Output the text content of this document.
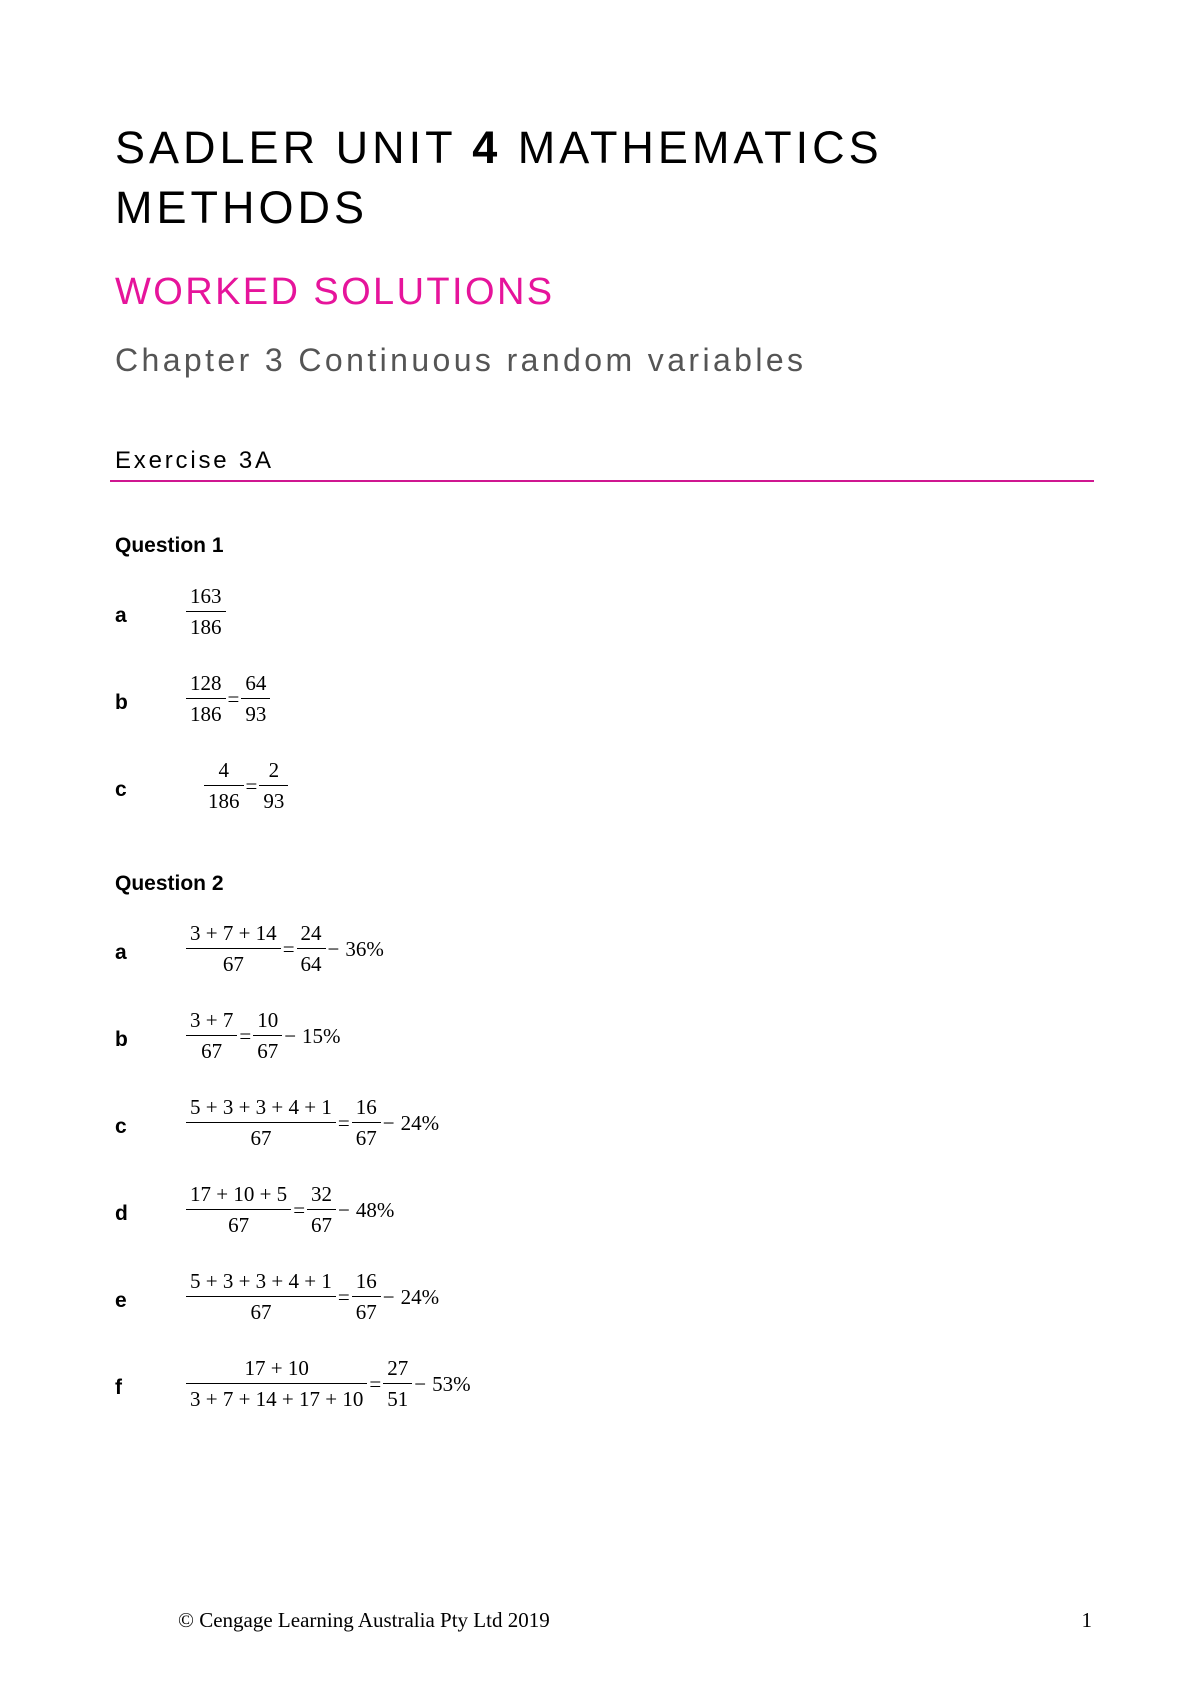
SADLER UNIT 4 MATHEMATICS METHODS
WORKED SOLUTIONS
Chapter 3 Continuous random variables
Exercise 3A
Question 1
a	$\frac{163}{186}$
b	$\frac{128}{186} = \frac{64}{93}$
c	$\frac{4}{186} = \frac{2}{93}$
Question 2
a	$\frac{3 + 7 + 14}{67} = \frac{24}{64} - 36\%$
b	$\frac{3 + 7}{67} = \frac{10}{67} - 15\%$
c	$\frac{5 + 3 + 3 + 4 + 1}{67} = \frac{16}{67} - 24\%$
d	$\frac{17 + 10 + 5}{67} = \frac{32}{67} - 48\%$
e	$\frac{5 + 3 + 3 + 4 + 1}{67} = \frac{16}{67} - 24\%$
f	$\frac{17 + 10}{3 + 7 + 14 + 17 + 10} = \frac{27}{51} - 53\%$
© Cengage Learning Australia Pty Ltd 2019	1
